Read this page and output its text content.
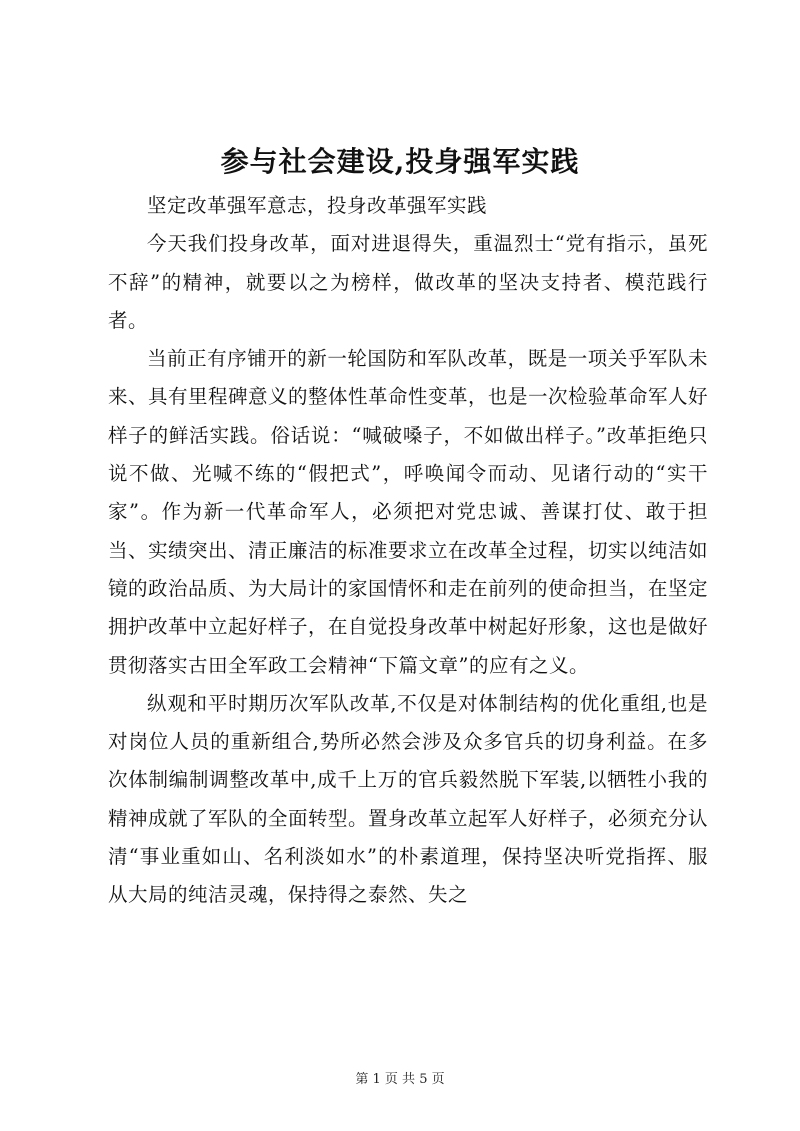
参与社会建设,投身强军实践

坚定改革强军意志，投身改革强军实践

今天我们投身改革，面对进退得失，重温烈士“党有指示，虽死不辞”的精神，就要以之为榜样，做改革的坚决支持者、模范践行者。

当前正有序铺开的新一轮国防和军队改革，既是一项关乎军队未来、具有里程碑意义的整体性革命性变革，也是一次检验革命军人好样子的鲜活实践。俗话说：“喊破嗓子，不如做出样子。”改革拒绝只说不做、光喊不练的“假把式”，呼唤闻令而动、见诸行动的“实干家”。作为新一代革命军人，必须把对党忠诚、善谋打仗、敢于担当、实绩突出、清正廉洁的标准要求立在改革全过程，切实以纯洁如镜的政治品质、为大局计的家国情怀和走在前列的使命担当，在坚定拥护改革中立起好样子，在自觉投身改革中树起好形象，这也是做好贯彻落实古田全军政工会精神“下篇文章”的应有之义。

纵观和平时期历次军队改革,不仅是对体制结构的优化重组,也是对岗位人员的重新组合,势所必然会涉及众多官兵的切身利益。在多次体制编制调整改革中,成千上万的官兵毅然脱下军装,以牺牲小我的精神成就了军队的全面转型。置身改革立起军人好样子，必须充分认清“事业重如山、名利淡如水”的朴素道理，保持坚决听党指挥、服从大局的纯洁灵魂，保持得之泰然、失之

第 1 页 共 5 页
